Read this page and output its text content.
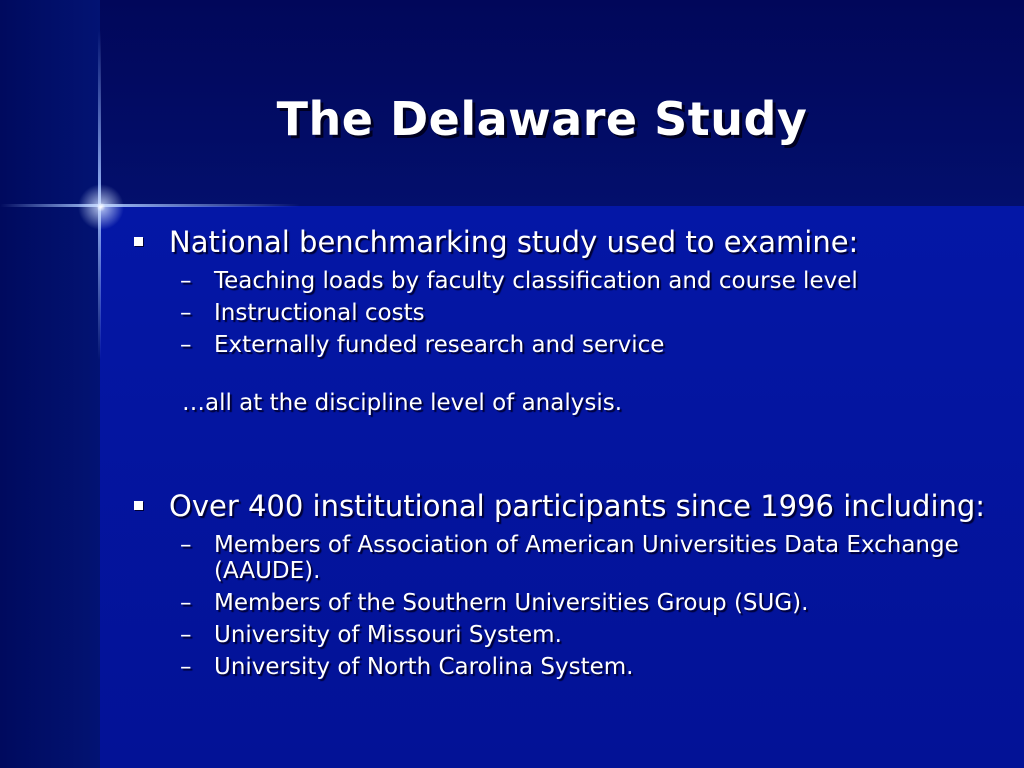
The Delaware Study
National benchmarking study used to examine:
– Teaching loads by faculty classification and course level
– Instructional costs
– Externally funded research and service
…all at the discipline level of analysis.
Over 400 institutional participants since 1996 including:
– Members of Association of American Universities Data Exchange (AAUDE).
– Members of the Southern Universities Group (SUG).
– University of Missouri System.
– University of North Carolina System.
